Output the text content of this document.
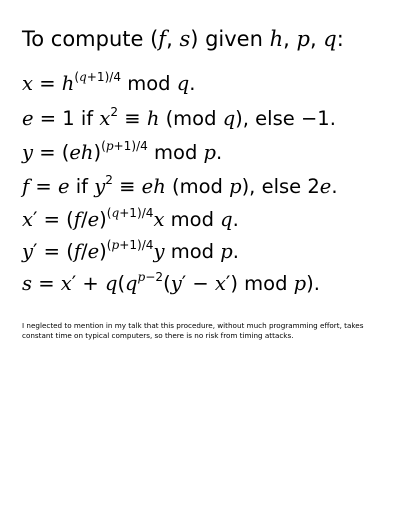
To compute (f, s) given h, p, q:
$x = h^{(q+1)/4}$ mod q.
e = 1 if $x^2 \equiv h$ (mod q), else −1.
y = (eh)$^{(p+1)/4}$ mod p.
f = e if $y^2$ ≡ eh (mod p), else 2e.
$x' = (f/e)^{(q+1)/4}x$ mod q.
$y' = (f/e)^{(p+1)/4}y$ mod p.
$s = x' + q(q^{p-2}(y' - x')$ mod p).
I neglected to mention in my talk that this procedure, without much programming effort, takes constant time on typical computers, so there is no risk from timing attacks.
